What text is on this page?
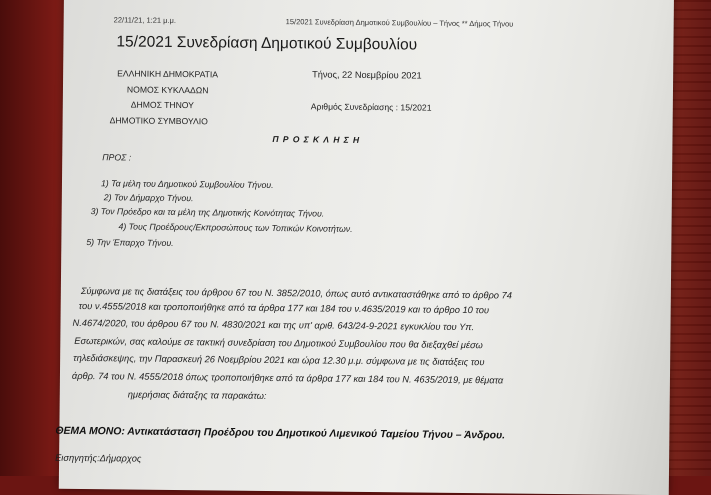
22/11/21, 1:21 μ.μ.	15/2021 Συνεδρίαση Δημοτικού Συμβουλίου – Τήνος ** Δήμος Τήνου
15/2021 Συνεδρίαση Δημοτικού Συμβουλίου
ΕΛΛΗΝΙΚΗ ΔΗΜΟΚΡΑΤΙΑ
ΝΟΜΟΣ ΚΥΚΛΑΔΩΝ
ΔΗΜΟΣ ΤΗΝΟΥ
ΔΗΜΟΤΙΚΟ ΣΥΜΒΟΥΛΙΟ
Τήνος, 22 Νοεμβρίου 2021
Αριθμός Συνεδρίασης : 15/2021
ΠΡΟΣΚΛΗΣΗ
ΠΡΟΣ :
1) Τα μέλη του Δημοτικού Συμβουλίου Τήνου.
2) Τον Δήμαρχο Τήνου.
3) Τον Πρόεδρο και τα μέλη της Δημοτικής Κοινότητας Τήνου.
4) Τους Προέδρους/Εκπροσώπους των Τοπικών Κοινοτήτων.
5) Την Έπαρχο Τήνου.
Σύμφωνα με τις διατάξεις του άρθρου 67 του Ν. 3852/2010, όπως αυτό αντικαταστάθηκε από το άρθρο 74
του ν.4555/2018 και τροποποιήθηκε από τα άρθρα 177 και 184 του ν.4635/2019 και το άρθρο 10 του
Ν.4674/2020, του άρθρου 67 του Ν. 4830/2021 και της υπ' αριθ. 643/24-9-2021 εγκυκλίου του Υπ.
Εσωτερικών, σας καλούμε σε τακτική συνεδρίαση του Δημοτικού Συμβουλίου που θα διεξαχθεί μέσω
τηλεδιάσκεψης, την Παρασκευή 26 Νοεμβρίου 2021 και ώρα 12.30 μ.μ. σύμφωνα με τις διατάξεις του
άρθρ. 74 του Ν. 4555/2018 όπως τροποποιήθηκε από τα άρθρα 177 και 184 του Ν. 4635/2019, με θέματα
ημερήσιας διάταξης τα παρακάτω:
ΘΕΜΑ ΜΟΝΟ: Αντικατάσταση Προέδρου του Δημοτικού Λιμενικού Ταμείου Τήνου – Άνδρου.
Εισηγητής:Δήμαρχος
